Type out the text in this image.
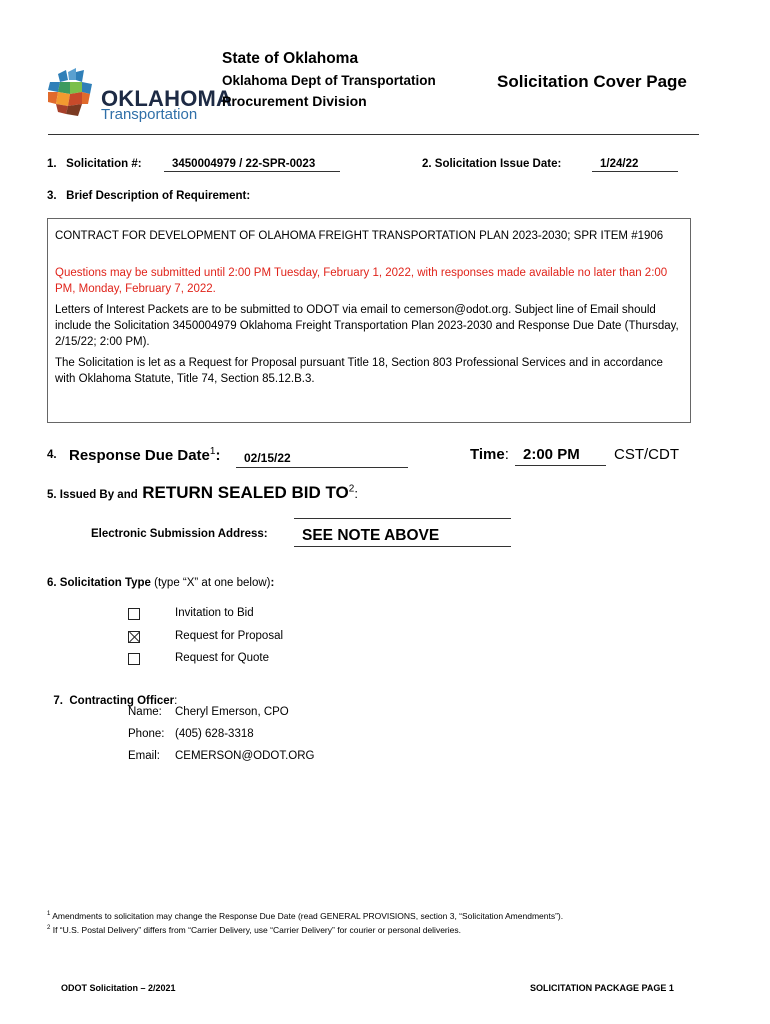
OKLAHOMA
Transportation
State of Oklahoma
Oklahoma Dept of Transportation
Procurement Division
Solicitation Cover Page
1.   Solicitation #:	3450004979 / 22-SPR-0023	2. Solicitation Issue Date:	1/24/22
3.   Brief Description of Requirement:
CONTRACT FOR DEVELOPMENT OF OLAHOMA FREIGHT TRANSPORTATION PLAN 2023-2030; SPR ITEM #1906
Questions may be submitted until 2:00 PM Tuesday, February 1, 2022, with responses made available no later than 2:00 PM, Monday, February 7, 2022.
Letters of Interest Packets are to be submitted to ODOT via email to cemerson@odot.org. Subject line of Email should include the Solicitation 3450004979 Oklahoma Freight Transportation Plan 2023-2030 and Response Due Date (Thursday, 2/15/22; 2:00 PM).
The Solicitation is let as a Request for Proposal pursuant Title 18, Section 803 Professional Services and in accordance with Oklahoma Statute, Title 74, Section 85.12.B.3.
4. Response Due Date$^1$:	02/15/22	Time: 2:00 PM	CST/CDT
5. Issued By and RETURN SEALED BID $TO^2$:
Electronic Submission Address:	SEE NOTE ABOVE
6. Solicitation Type (type “X” at one below):
Invitation to Bid
Request for Proposal
Request for Quote

7.  Contracting Officer:

Name: Cheryl Emerson, CPO
Phone: (405) 628-3318
Email: CEMERSON@ODOT.ORG
$^1$ Amendments to solicitation may change the Response Due Date (read GENERAL PROVISIONS, section 3, “Solicitation Amendments”).
$^2$ If “U.S. Postal Delivery” differs from “Carrier Delivery, use “Carrier Delivery” for courier or personal deliveries.
ODOT Solicitation – 2/2021	SOLICITATION PACKAGE PAGE 1
